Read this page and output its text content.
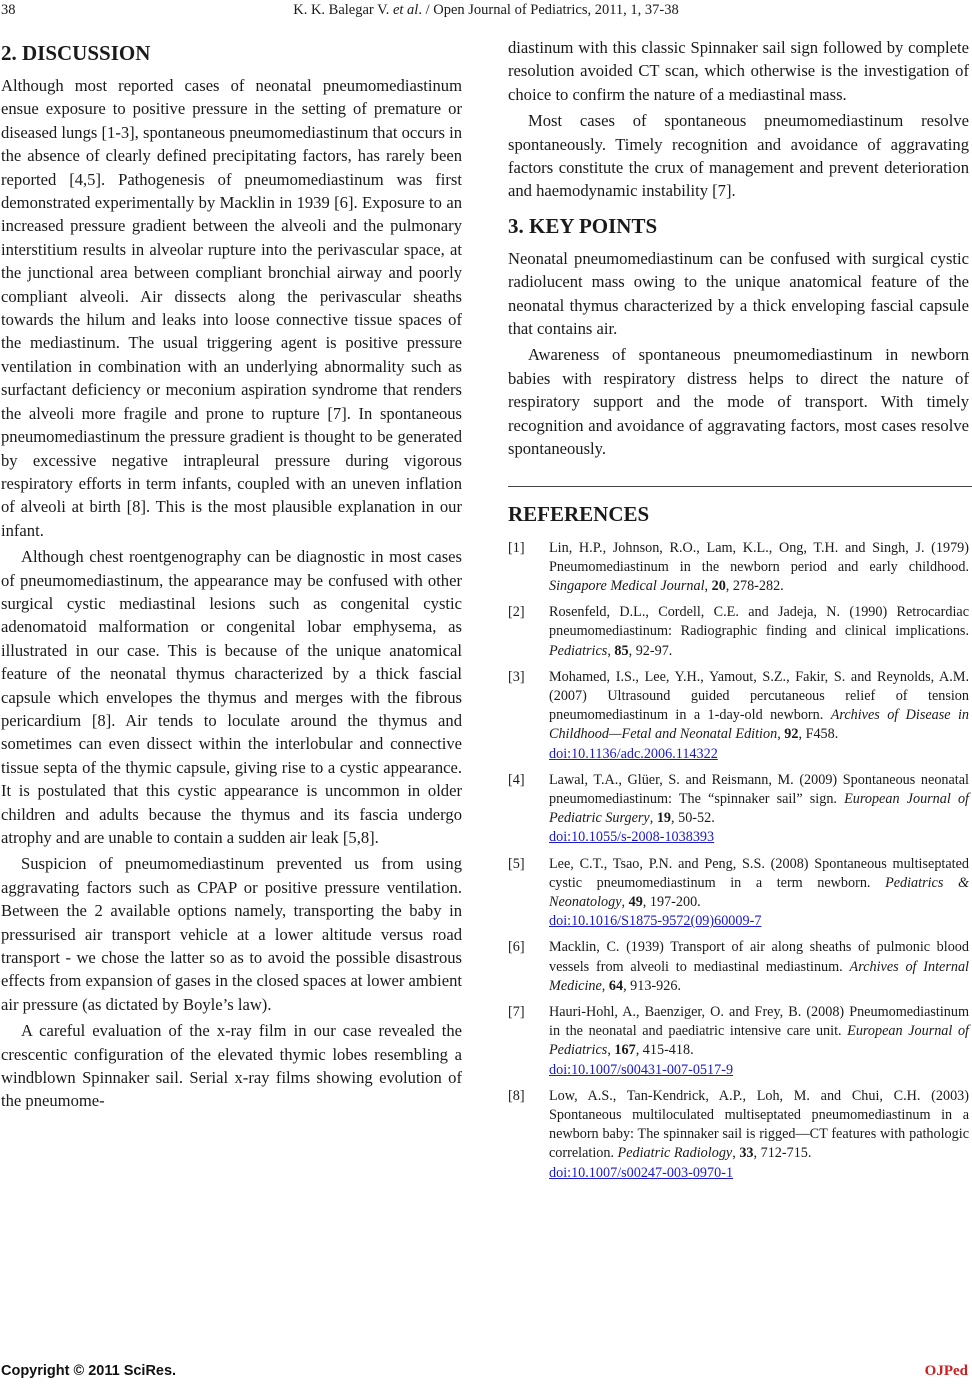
38	K. K. Balegar V. et al. / Open Journal of Pediatrics, 2011, 1, 37-38
2. DISCUSSION

Although most reported cases of neonatal pneumomediastinum ensue exposure to positive pressure in the setting of premature or diseased lungs [1-3], spontaneous pneumomediastinum that occurs in the absence of clearly defined precipitating factors, has rarely been reported [4,5]. Pathogenesis of pneumomediastinum was first demonstrated experimentally by Macklin in 1939 [6]. Exposure to an increased pressure gradient between the alveoli and the pulmonary interstitium results in alveolar rupture into the perivascular space, at the junctional area between compliant bronchial airway and poorly compliant alveoli. Air dissects along the perivascular sheaths towards the hilum and leaks into loose connective tissue spaces of the mediastinum. The usual triggering agent is positive pressure ventilation in combination with an underlying abnormality such as surfactant deficiency or meconium aspiration syndrome that renders the alveoli more fragile and prone to rupture [7]. In spontaneous pneumomediastinum the pressure gradient is thought to be generated by excessive negative intrapleural pressure during vigorous respiratory efforts in term infants, coupled with an uneven inflation of alveoli at birth [8]. This is the most plausible explanation in our infant.

Although chest roentgenography can be diagnostic in most cases of pneumomediastinum, the appearance may be confused with other surgical cystic mediastinal lesions such as congenital cystic adenomatoid malformation or congenital lobar emphysema, as illustrated in our case. This is because of the unique anatomical feature of the neonatal thymus characterized by a thick fascial capsule which envelopes the thymus and merges with the fibrous pericardium [8]. Air tends to loculate around the thymus and sometimes can even dissect within the interlobular and connective tissue septa of the thymic capsule, giving rise to a cystic appearance. It is postulated that this cystic appearance is uncommon in older children and adults because the thymus and its fascia undergo atrophy and are unable to contain a sudden air leak [5,8].

Suspicion of pneumomediastinum prevented us from using aggravating factors such as CPAP or positive pressure ventilation. Between the 2 available options namely, transporting the baby in pressurised air transport vehicle at a lower altitude versus road transport - we chose the latter so as to avoid the possible disastrous effects from expansion of gases in the closed spaces at lower ambient air pressure (as dictated by Boyle’s law).

A careful evaluation of the x-ray film in our case revealed the crescentic configuration of the elevated thymic lobes resembling a windblown Spinnaker sail. Serial x-ray films showing evolution of the pneumome-

diastinum with this classic Spinnaker sail sign followed by complete resolution avoided CT scan, which otherwise is the investigation of choice to confirm the nature of a mediastinal mass.

Most cases of spontaneous pneumomediastinum resolve spontaneously. Timely recognition and avoidance of aggravating factors constitute the crux of management and prevent deterioration and haemodynamic instability [7].

3. KEY POINTS

Neonatal pneumomediastinum can be confused with surgical cystic radiolucent mass owing to the unique anatomical feature of the neonatal thymus characterized by a thick enveloping fascial capsule that contains air.

Awareness of spontaneous pneumomediastinum in newborn babies with respiratory distress helps to direct the nature of respiratory support and the mode of transport. With timely recognition and avoidance of aggravating factors, most cases resolve spontaneously.

REFERENCES
[1]	Lin, H.P., Johnson, R.O., Lam, K.L., Ong, T.H. and Singh, J. (1979) Pneumomediastinum in the newborn period and early childhood. Singapore Medical Journal, 20, 278-282.
[2]	Rosenfeld, D.L., Cordell, C.E. and Jadeja, N. (1990) Retrocardiac pneumomediastinum: Radiographic finding and clinical implications. Pediatrics, 85, 92-97.
[3]	Mohamed, I.S., Lee, Y.H., Yamout, S.Z., Fakir, S. and Reynolds, A.M. (2007) Ultrasound guided percutaneous relief of tension pneumomediastinum in a 1-day-old newborn. Archives of Disease in Childhood—Fetal and Neonatal Edition, 92, F458.
doi:10.1136/adc.2006.114322
[4]	Lawal, T.A., Glüer, S. and Reismann, M. (2009) Spontaneous neonatal pneumomediastinum: The “spinnaker sail” sign. European Journal of Pediatric Surgery, 19, 50-52.
doi:10.1055/s-2008-1038393
[5]	Lee, C.T., Tsao, P.N. and Peng, S.S. (2008) Spontaneous multiseptated cystic pneumomediastinum in a term newborn. Pediatrics & Neonatology, 49, 197-200.
doi:10.1016/S1875-9572(09)60009-7
[6]	Macklin, C. (1939) Transport of air along sheaths of pulmonic blood vessels from alveoli to mediastinal mediastinum. Archives of Internal Medicine, 64, 913-926.
[7]	Hauri-Hohl, A., Baenziger, O. and Frey, B. (2008) Pneumomediastinum in the neonatal and paediatric intensive care unit. European Journal of Pediatrics, 167, 415-418.
doi:10.1007/s00431-007-0517-9
[8]	Low, A.S., Tan-Kendrick, A.P., Loh, M. and Chui, C.H. (2003) Spontaneous multiloculated multiseptated pneumomediastinum in a newborn baby: The spinnaker sail is rigged—CT features with pathologic correlation. Pediatric Radiology, 33, 712-715.
doi:10.1007/s00247-003-0970-1
Copyright © 2011 SciRes.	OJPed
